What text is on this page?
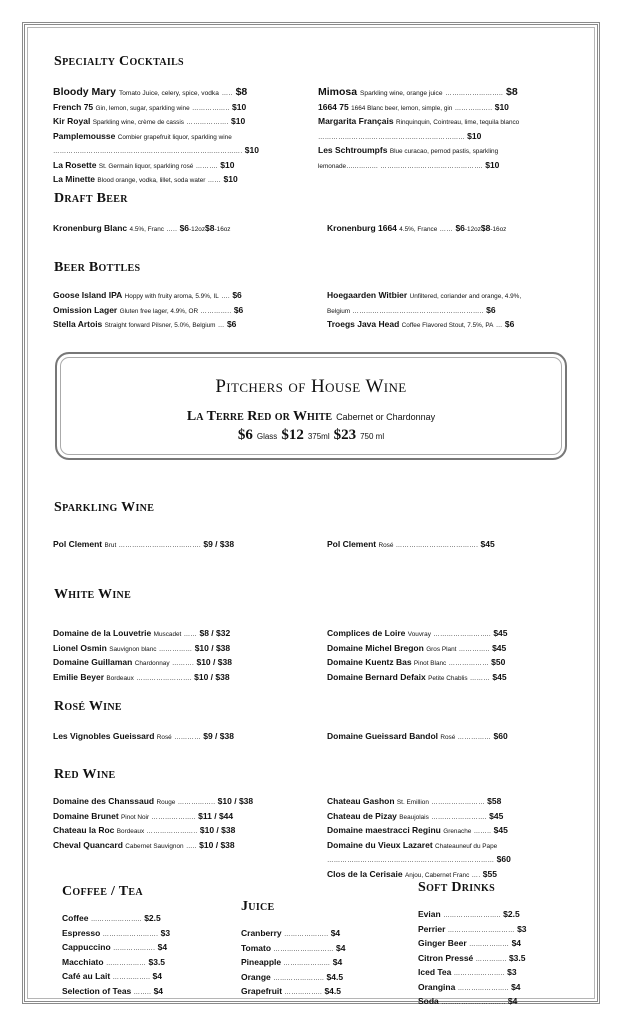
Specialty Cocktails
Bloody Mary Tomato Juice, celery, spice, vodka ….. $8
French 75 Gin, lemon, sugar, sparkling wine …………….. $10
Kir Royal Sparkling wine, crème de cassis ………………. $10
Pamplemousse Combier grapefruit liquor, sparkling wine
…………………………………………………………………………. $10
La Rosette St. Germain liquor, sparkling rosé ………. $10
La Minette Blood orange, vodka, lillet, soda water …… $10
Mimosa Sparkling wine, orange juice …………………….. $8
1664 75 1664 Blanc beer, lemon, simple, gin …………….. $10
Margarita Français Rinquinquin, Cointreau, lime, tequila blanco
………………………………………………………... $10
Les Schtroumpfs Blue curacao, pernod pastis, sparkling
lemonade…………… ………………………………………. $10
Draft Beer
Kronenburg Blanc 4.5%, Franc ….. $6-12oz$8-16oz	Kronenburg 1664 4.5%, France …… $6-12oz$8-16oz
Beer Bottles
Goose Island IPA Hoppy with fruity aroma, 5.9%, IL …. $6
Omission Lager Gluten free lager, 4.9%, OR ………….. $6
Stella Artois Straight forward Pilsner, 5.0%, Belgium … $6
Hoegaarden Witbier Unfiltered, coriander and orange, 4.9%,
Belgium ………………………………………………….. $6
Troegs Java Head Coffee Flavored Stout, 7.5%, PA … $6
Pitchers of House Wine
La Terre Red or White Cabernet or Chardonnay
$6 Glass $12 375ml $23 750 ml
Sparkling Wine
Pol Clement Brut ………………………………. $9 / $38	Pol Clement Rosé ………………………………. $45
White Wine
Domaine de la Louvetrie Muscadet …… $8 / $32
Lionel Osmin Sauvignon blanc …………… $10 / $38
Domaine Guillaman Chardonnay ………. $10 / $38
Emilie Beyer Bordeaux ……………………. $10 / $38
Complices de Loire Vouvray …………………….. $45
Domaine Michel Bregon Gros Plant ………….. $45
Domaine Kuentz Bas Pinot Blanc ……………… $50
Domaine Bernard Defaix Petite Chablis ……… $45
Rosé Wine
Les Vignobles Gueissard Rosé ………… $9 / $38	Domaine Gueissard Bandol Rosé …………… $60
Red Wine
Domaine des Chanssaud Rouge …………….. $10 / $38
Domaine Brunet Pinot Noir ……………….. $11 / $44
Chateau la Roc Bordeaux ………………….. $10 / $38
Cheval Quancard Cabernet Sauvignon ….. $10 / $38
Chateau Gashon St. Emillion …………………… $58
Chateau de Pizay Beaujolais ……………………. $45
Domaine maestracci Reginu Grenache …….. $45
Domaine du Vieux Lazaret Chateauneuf du Pape
………………………………………………………………… $60
Clos de la Cerisaie Anjou, Cabernet Franc …. $55
Coffee / Tea
Coffee ………………….. $2.5
Espresso ……………………. $3
Cappuccino ………………. $4
Macchiato ……………… $3.5
Café au Lait …………….. $4
Selection of Teas …….. $4
Juice
Cranberry ……………….. $4
Tomato ……………………… $4
Pineapple ………………… $4
Orange ………………….. $4.5
Grapefruit …………….. $4.5
Soft Drinks
Evian …………………….. $2.5
Perrier ………………………… $3
Ginger Beer ……………… $4
Citron Pressé ………….. $3.5
Iced Tea ………………….. $3
Orangina ………………….. $4
Soda ……………………….. $4
